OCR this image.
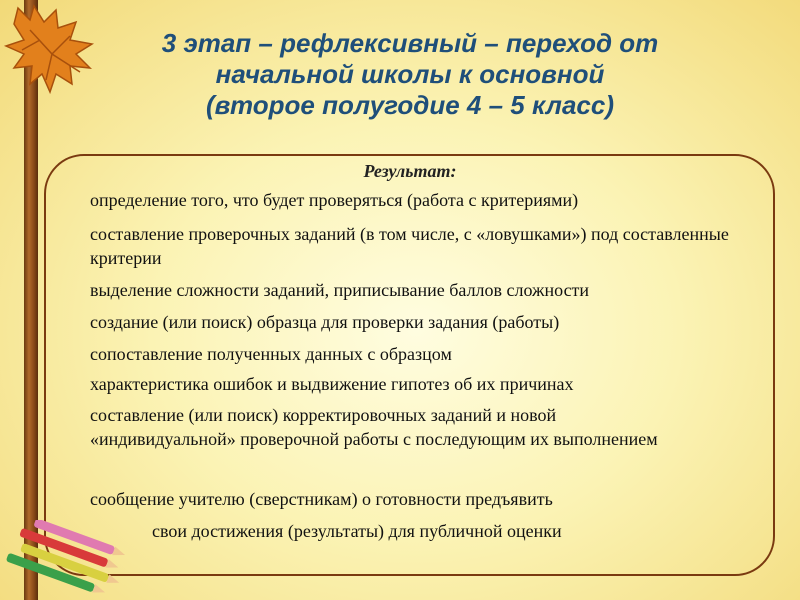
3 этап – рефлексивный – переход от
начальной школы к основной
(второе полугодие 4 – 5 класс)
Результат:
определение того, что будет проверяться (работа с критериями)
составление проверочных заданий (в том числе, с «ловушками») под составленные критерии
выделение сложности заданий, приписывание баллов сложности
создание (или поиск) образца для проверки задания (работы)
сопоставление полученных данных с образцом
характеристика ошибок и выдвижение гипотез об их причинах
составление (или поиск) корректировочных заданий и новой «индивидуальной» проверочной работы с последующим их выполнением
сообщение учителю (сверстникам) о готовности предъявить
свои достижения (результаты) для публичной оценки
